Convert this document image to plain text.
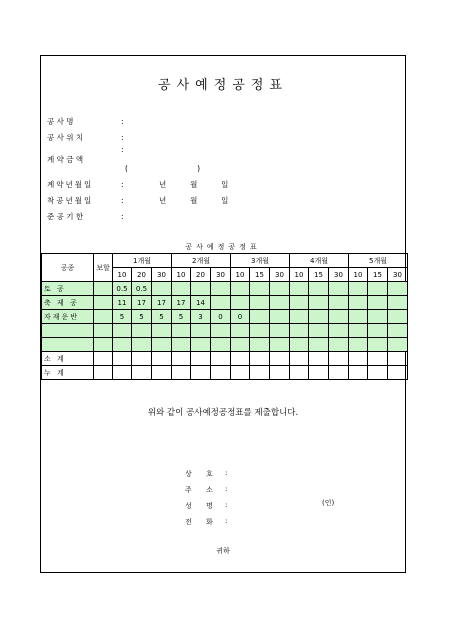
공사예정공정표
공 사 명	:
공 사 위 치	:
:
계 약 금 액
(                             )
계약년월일	:	년          월          일
착공년월일	:	년          월          일
준 공 기 한	:
공사예정공정표
공종	보할	1개월			2개월			3개월			4개월			5개월		
		10	20	30	10	20	30	10	15	30	10	15	30	10	15	30
토 공		0.5	0.5													
축 제 공		11	17	17	17	14										
자재운반		5	5	5	5	3	0	0								

소 계																
누 계																
위와 같이 공사예정공정표를 제출합니다.
상 호 :
주 소 :
성 명 :	(인)
전 화 :
귀하
